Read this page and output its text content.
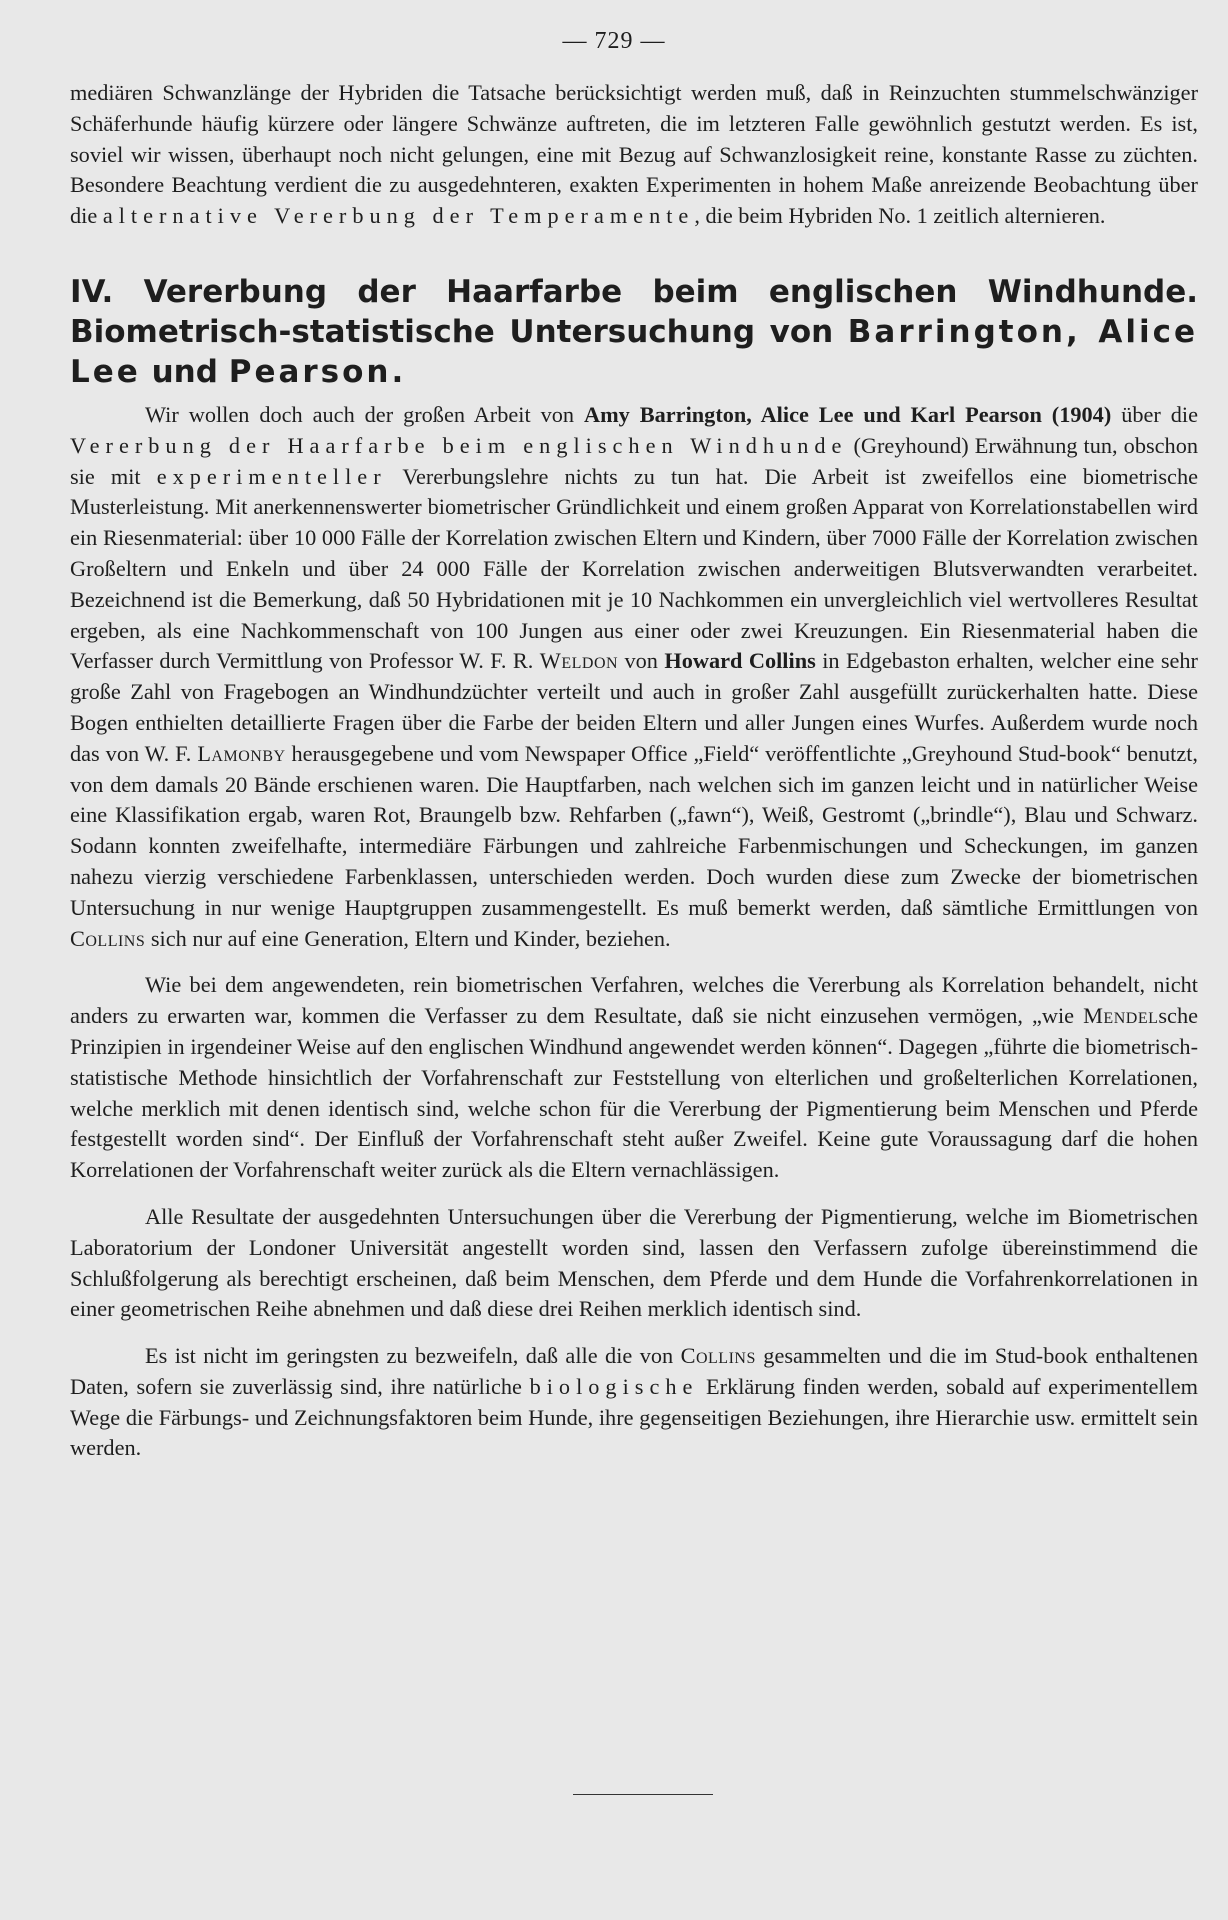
— 729 —

mediären Schwanzlänge der Hybriden die Tatsache berücksichtigt werden muß, daß in Reinzuchten stummelschwänziger Schäferhunde häufig kürzere oder längere Schwänze auftreten, die im letzteren Falle gewöhnlich gestutzt werden. Es ist, soviel wir wissen, überhaupt noch nicht gelungen, eine mit Bezug auf Schwanzlosigkeit reine, konstante Rasse zu züchten. Besondere Beachtung verdient die zu ausgedehnteren, exakten Experimenten in hohem Maße anreizende Beobachtung über die alternative Vererbung der Temperamente, die beim Hybriden No. 1 zeitlich alternieren.

IV. Vererbung der Haarfarbe beim englischen Windhunde. Biometrisch-statistische Untersuchung von Barrington, Alice Lee und Pearson.

Wir wollen doch auch der großen Arbeit von Amy Barrington, Alice Lee und Karl Pearson (1904) über die Vererbung der Haarfarbe beim englischen Windhunde (Greyhound) Erwähnung tun, obschon sie mit experimenteller Vererbungslehre nichts zu tun hat. Die Arbeit ist zweifellos eine biometrische Musterleistung. Mit anerkennenswerter biometrischer Gründlichkeit und einem großen Apparat von Korrelationstabellen wird ein Riesenmaterial: über 10 000 Fälle der Korrelation zwischen Eltern und Kindern, über 7000 Fälle der Korrelation zwischen Großeltern und Enkeln und über 24 000 Fälle der Korrelation zwischen anderweitigen Blutsverwandten verarbeitet. Bezeichnend ist die Bemerkung, daß 50 Hybridationen mit je 10 Nachkommen ein unvergleichlich viel wertvolleres Resultat ergeben, als eine Nachkommenschaft von 100 Jungen aus einer oder zwei Kreuzungen. Ein Riesenmaterial haben die Verfasser durch Vermittlung von Professor W. F. R. Weldon von Howard Collins in Edgebaston erhalten, welcher eine sehr große Zahl von Fragebogen an Windhundzüchter verteilt und auch in großer Zahl ausgefüllt zurückerhalten hatte. Diese Bogen enthielten detaillierte Fragen über die Farbe der beiden Eltern und aller Jungen eines Wurfes. Außerdem wurde noch das von W. F. Lamonby herausgegebene und vom Newspaper Office „Field“ veröffentlichte „Greyhound Stud-book“ benutzt, von dem damals 20 Bände erschienen waren. Die Hauptfarben, nach welchen sich im ganzen leicht und in natürlicher Weise eine Klassifikation ergab, waren Rot, Braungelb bzw. Rehfarben („fawn“), Weiß, Gestromt („brindle“), Blau und Schwarz. Sodann konnten zweifelhafte, intermediäre Färbungen und zahlreiche Farbenmischungen und Scheckungen, im ganzen nahezu vierzig verschiedene Farbenklassen, unterschieden werden. Doch wurden diese zum Zwecke der biometrischen Untersuchung in nur wenige Hauptgruppen zusammengestellt. Es muß bemerkt werden, daß sämtliche Ermittlungen von Collins sich nur auf eine Generation, Eltern und Kinder, beziehen.

Wie bei dem angewendeten, rein biometrischen Verfahren, welches die Vererbung als Korrelation behandelt, nicht anders zu erwarten war, kommen die Verfasser zu dem Resultate, daß sie nicht einzusehen vermögen, „wie Mendelsche Prinzipien in irgendeiner Weise auf den englischen Windhund angewendet werden können“. Dagegen „führte die biometrisch-statistische Methode hinsichtlich der Vorfahrenschaft zur Feststellung von elterlichen und großelterlichen Korrelationen, welche merklich mit denen identisch sind, welche schon für die Vererbung der Pigmentierung beim Menschen und Pferde festgestellt worden sind“. Der Einfluß der Vorfahrenschaft steht außer Zweifel. Keine gute Voraussagung darf die hohen Korrelationen der Vorfahrenschaft weiter zurück als die Eltern vernachlässigen.

Alle Resultate der ausgedehnten Untersuchungen über die Vererbung der Pigmentierung, welche im Biometrischen Laboratorium der Londoner Universität angestellt worden sind, lassen den Verfassern zufolge übereinstimmend die Schlußfolgerung als berechtigt erscheinen, daß beim Menschen, dem Pferde und dem Hunde die Vorfahrenkorrelationen in einer geometrischen Reihe abnehmen und daß diese drei Reihen merklich identisch sind.

Es ist nicht im geringsten zu bezweifeln, daß alle die von Collins gesammelten und die im Stud-book enthaltenen Daten, sofern sie zuverlässig sind, ihre natürliche biologische Erklärung finden werden, sobald auf experimentellem Wege die Färbungs- und Zeichnungsfaktoren beim Hunde, ihre gegenseitigen Beziehungen, ihre Hierarchie usw. ermittelt sein werden.
